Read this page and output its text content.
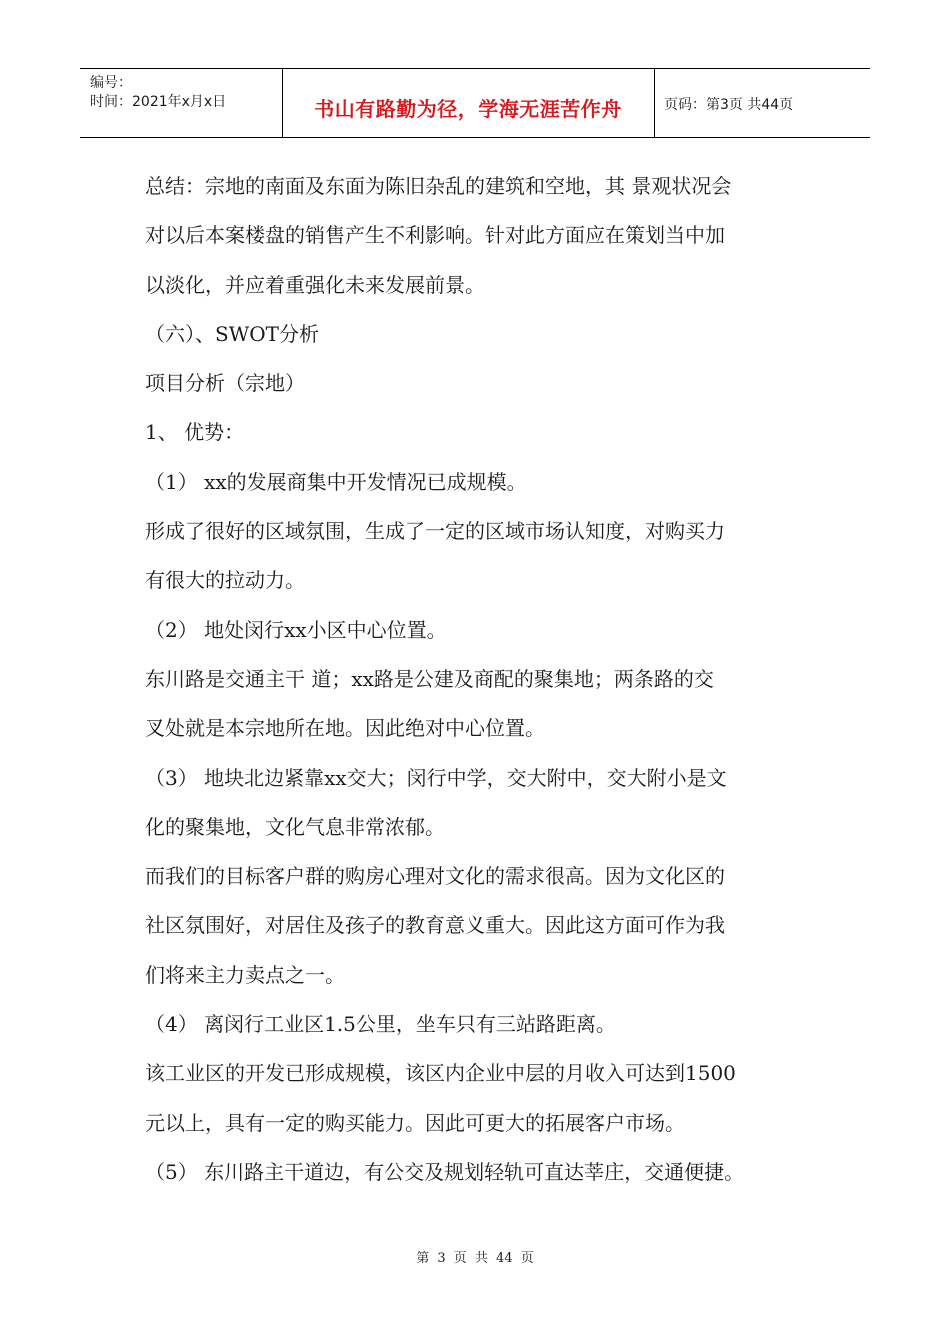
编号：
时间：2021年x月x日	书山有路勤为径，学海无涯苦作舟	页码：第3页 共44页
总结：宗地的南面及东面为陈旧杂乱的建筑和空地，其 景观状况会
对以后本案楼盘的销售产生不利影响。针对此方面应在策划当中加
以淡化，并应着重强化未来发展前景。
（六）、SWOT分析
项目分析（宗地）
1、 优势：
（1） xx的发展商集中开发情况已成规模。
形成了很好的区域氛围，生成了一定的区域市场认知度，对购买力
有很大的拉动力。
（2） 地处闵行xx小区中心位置。
东川路是交通主干 道；xx路是公建及商配的聚集地；两条路的交
叉处就是本宗地所在地。因此绝对中心位置。
（3） 地块北边紧靠xx交大；闵行中学，交大附中，交大附小是文
化的聚集地，文化气息非常浓郁。
而我们的目标客户群的购房心理对文化的需求很高。因为文化区的
社区氛围好，对居住及孩子的教育意义重大。因此这方面可作为我
们将来主力卖点之一。
（4） 离闵行工业区1.5公里，坐车只有三站路距离。
该工业区的开发已形成规模，该区内企业中层的月收入可达到1500
元以上，具有一定的购买能力。因此可更大的拓展客户市场。
（5） 东川路主干道边，有公交及规划轻轨可直达莘庄，交通便捷。
第 3 页 共 44 页
